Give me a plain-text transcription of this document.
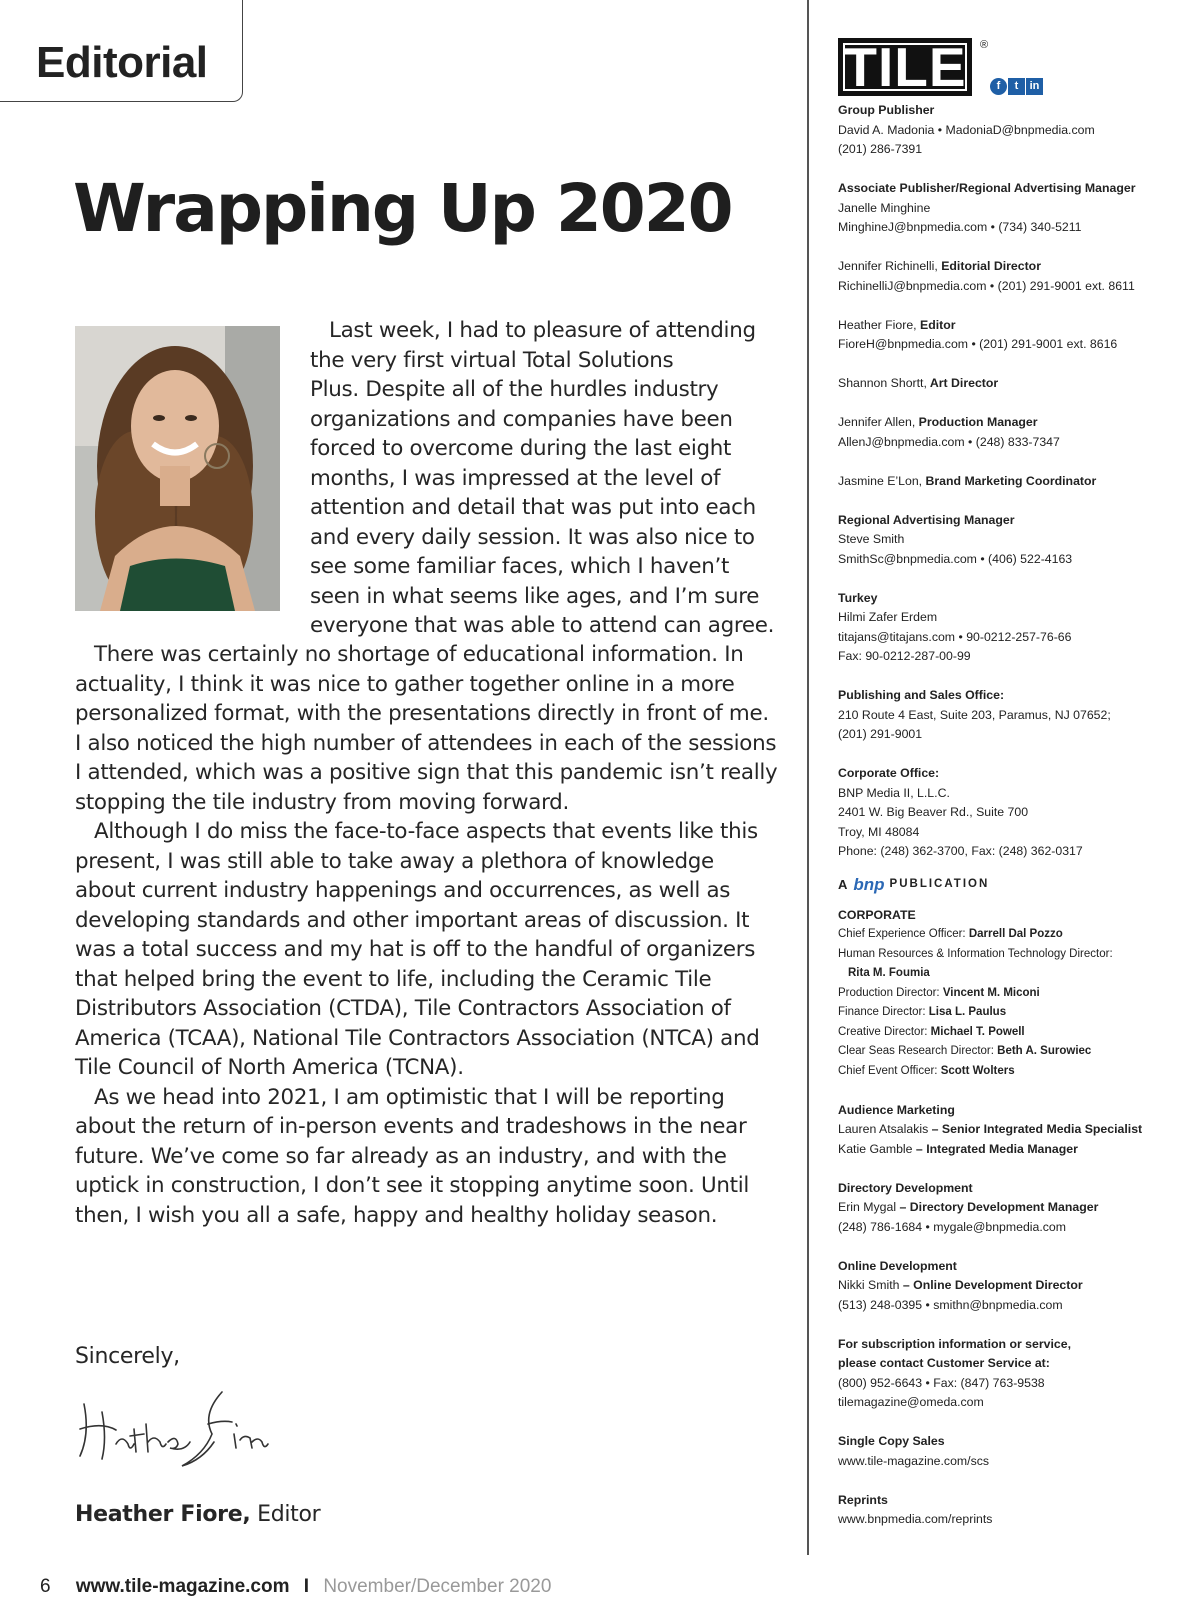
Editorial
Wrapping Up 2020
Last week, I had to pleasure of attending
the very first virtual Total Solutions
Plus. Despite all of the hurdles industry
organizations and companies have been
forced to overcome during the last eight
months, I was impressed at the level of
attention and detail that was put into each
and every daily session. It was also nice to
see some familiar faces, which I haven’t
seen in what seems like ages, and I’m sure
everyone that was able to attend can agree.

There was certainly no shortage of educational information. In actuality, I think it was nice to gather together online in a more personalized format, with the presentations directly in front of me. I also noticed the high number of attendees in each of the sessions I attended, which was a positive sign that this pandemic isn’t really stopping the tile industry from moving forward.

Although I do miss the face-to-face aspects that events like this present, I was still able to take away a plethora of knowledge about current industry happenings and occurrences, as well as developing standards and other important areas of discussion. It was a total success and my hat is off to the handful of organizers that helped bring the event to life, including the Ceramic Tile Distributors Association (CTDA), Tile Contractors Association of America (TCAA), National Tile Contractors Association (NTCA) and Tile Council of North America (TCNA).

As we head into 2021, I am optimistic that I will be reporting about the return of in-person events and tradeshows in the near future. We’ve come so far already as an industry, and with the uptick in construction, I don’t see it stopping anytime soon. Until then, I wish you all a safe, happy and healthy holiday season.

Sincerely,
Heather Fiore, Editor
6 www.tile-magazine.com I November/December 2020
TILE	®
f	t	in
Group Publisher
David A. Madonia • MadoniaD@bnpmedia.com
(201) 286-7391
Associate Publisher/Regional Advertising Manager
Janelle Minghine
MinghineJ@bnpmedia.com • (734) 340-5211
Jennifer Richinelli, Editorial Director
RichinelliJ@bnpmedia.com • (201) 291-9001 ext. 8611
Heather Fiore, Editor
FioreH@bnpmedia.com • (201) 291-9001 ext. 8616
Shannon Shortt, Art Director
Jennifer Allen, Production Manager
AllenJ@bnpmedia.com • (248) 833-7347
Jasmine E’Lon, Brand Marketing Coordinator
Regional Advertising Manager
Steve Smith
SmithSc@bnpmedia.com • (406) 522-4163
Turkey
Hilmi Zafer Erdem
titajans@titajans.com • 90-0212-257-76-66
Fax: 90-0212-287-00-99
Publishing and Sales Office:
210 Route 4 East, Suite 203, Paramus, NJ 07652;
(201) 291-9001
Corporate Office:
BNP Media II, L.L.C.
2401 W. Big Beaver Rd., Suite 700
Troy, MI 48084
Phone: (248) 362-3700, Fax: (248) 362-0317
A bnp PUBLICATION
CORPORATE
Chief Experience Officer: Darrell Dal Pozzo
Human Resources & Information Technology Director:
Rita M. Foumia
Production Director: Vincent M. Miconi
Finance Director: Lisa L. Paulus
Creative Director: Michael T. Powell
Clear Seas Research Director: Beth A. Surowiec
Chief Event Officer: Scott Wolters
Audience Marketing
Lauren Atsalakis – Senior Integrated Media Specialist
Katie Gamble – Integrated Media Manager
Directory Development
Erin Mygal – Directory Development Manager
(248) 786-1684 • mygale@bnpmedia.com
Online Development
Nikki Smith – Online Development Director
(513) 248-0395 • smithn@bnpmedia.com
For subscription information or service,
please contact Customer Service at:
(800) 952-6643 • Fax: (847) 763-9538
tilemagazine@omeda.com
Single Copy Sales
www.tile-magazine.com/scs
Reprints
www.bnpmedia.com/reprints
